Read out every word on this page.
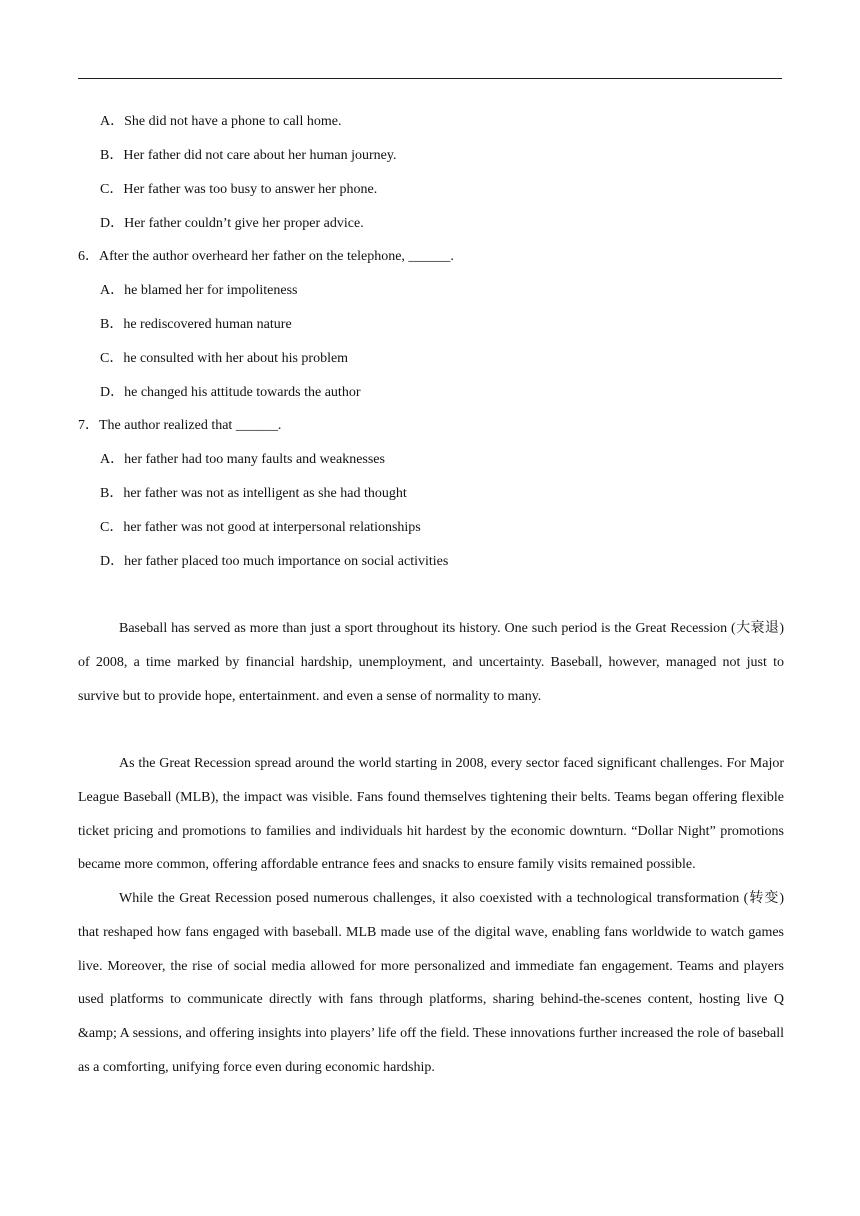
A．She did not have a phone to call home.
B．Her father did not care about her human journey.
C．Her father was too busy to answer her phone.
D．Her father couldn’t give her proper advice.
6．After the author overheard her father on the telephone, ______.
A．he blamed her for impoliteness
B．he rediscovered human nature
C．he consulted with her about his problem
D．he changed his attitude towards the author
7．The author realized that ______.
A．her father had too many faults and weaknesses
B．her father was not as intelligent as she had thought
C．her father was not good at interpersonal relationships
D．her father placed too much importance on social activities

Baseball has served as more than just a sport throughout its history. One such period is the Great Recession (大衰退) of 2008, a time marked by financial hardship, unemployment, and uncertainty. Baseball, however, managed not just to survive but to provide hope, entertainment. and even a sense of normality to many.

As the Great Recession spread around the world starting in 2008, every sector faced significant challenges. For Major League Baseball (MLB), the impact was visible. Fans found themselves tightening their belts. Teams began offering flexible ticket pricing and promotions to families and individuals hit hardest by the economic downturn. “Dollar Night” promotions became more common, offering affordable entrance fees and snacks to ensure family visits remained possible.

While the Great Recession posed numerous challenges, it also coexisted with a technological transformation (转变) that reshaped how fans engaged with baseball. MLB made use of the digital wave, enabling fans worldwide to watch games live. Moreover, the rise of social media allowed for more personalized and immediate fan engagement. Teams and players used platforms to communicate directly with fans through platforms, sharing behind-the-scenes content, hosting live Q &amp; A sessions, and offering insights into players’ life off the field. These innovations further increased the role of baseball as a comforting, unifying force even during economic hardship.
